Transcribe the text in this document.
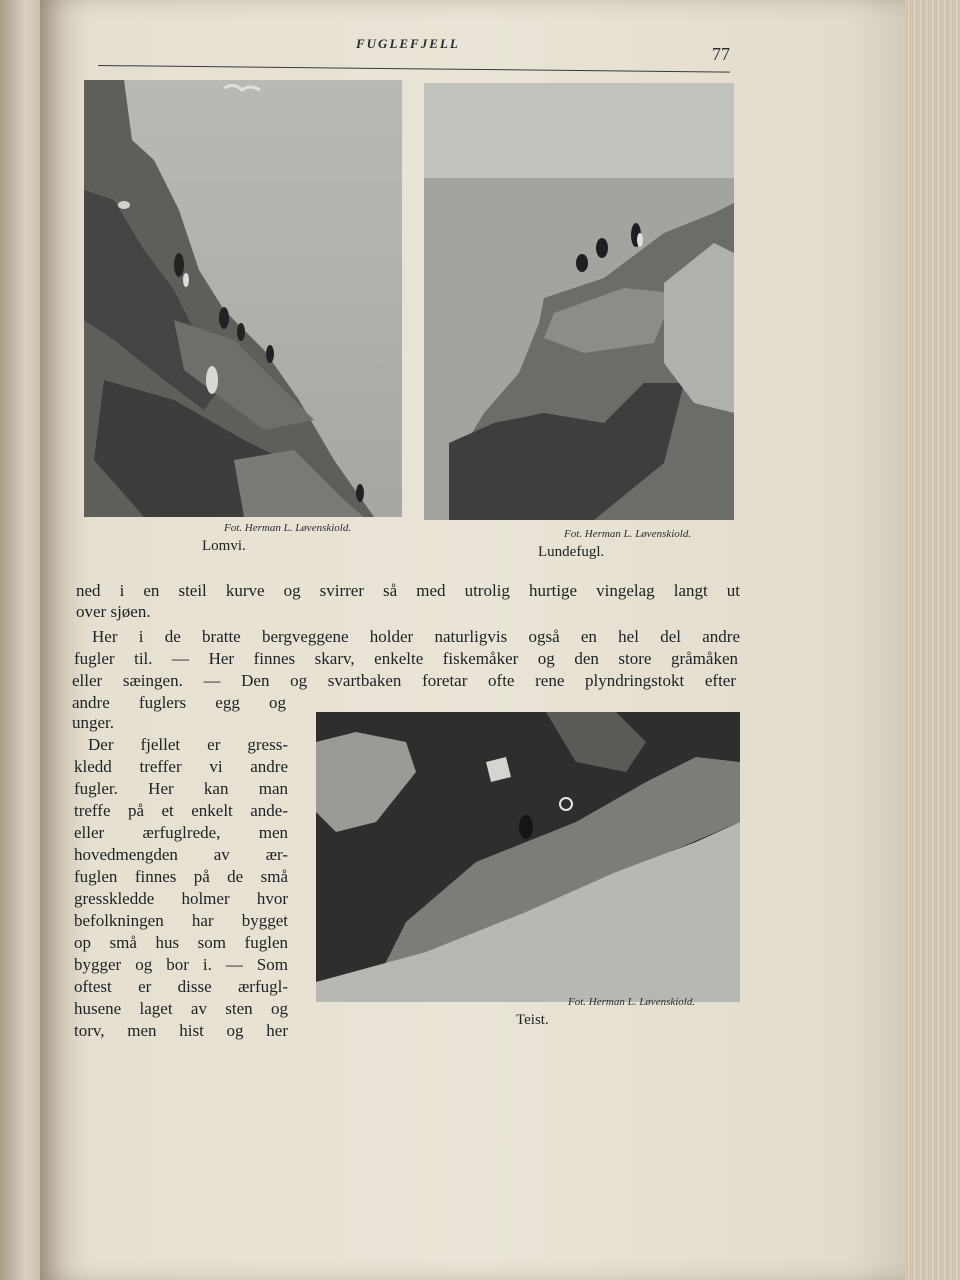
FUGLEFJELL
77
Fot. Herman L. Løvenskiold.
Lomvi.
Fot. Herman L. Løvenskiold.
Lundefugl.
ned i en steil kurve og svirrer så med utrolig hurtige vingelag langt ut
over sjøen.
Her i de bratte bergveggene holder naturligvis også en hel del andre
fugler til. — Her finnes skarv, enkelte fiskemåker og den store gråmåken
eller sæingen. — Den og svartbaken foretar ofte rene plyndringstokt efter
Fot. Herman L. Løvenskiold.
Teist.
andre fuglers egg og
unger.
Der fjellet er gress-
kledd treffer vi andre
fugler. Her kan man
treffe på et enkelt ande-
eller ærfuglrede, men
hovedmengden av ær-
fuglen finnes på de små
gresskledde holmer hvor
befolkningen har bygget
op små hus som fuglen
bygger og bor i. — Som
oftest er disse ærfugl-
husene laget av sten og
torv, men hist og her
